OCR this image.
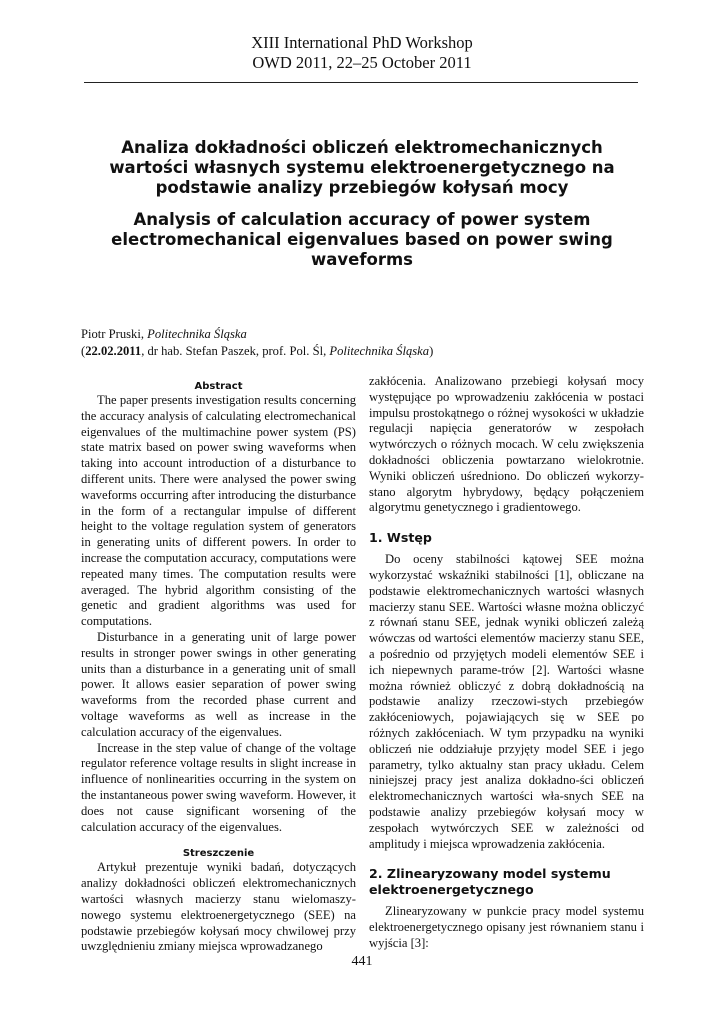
XIII International PhD Workshop
OWD 2011, 22–25 October 2011
Analiza dokładności obliczeń elektromechanicznych wartości własnych systemu elektroenergetycznego na podstawie analizy przebiegów kołysań mocy
Analysis of calculation accuracy of power system electromechanical eigenvalues based on power swing waveforms
Piotr Pruski, Politechnika Śląska
(22.02.2011, dr hab. Stefan Paszek, prof. Pol. Śl, Politechnika Śląska)
Abstract

The paper presents investigation results concerning the accuracy analysis of calculating electromechanical eigenvalues of the multimachine power system (PS) state matrix based on power swing waveforms when taking into account introduction of a disturbance to different units. There were analysed the power swing waveforms occurring after introducing the disturbance in the form of a rectangular impulse of different height to the voltage regulation system of generators in generating units of different powers. In order to increase the computation accuracy, computations were repeated many times. The computation results were averaged. The hybrid algorithm consisting of the genetic and gradient algorithms was used for computations.

Disturbance in a generating unit of large power results in stronger power swings in other generating units than a disturbance in a generating unit of small power. It allows easier separation of power swing waveforms from the recorded phase current and voltage waveforms as well as increase in the calculation accuracy of the eigenvalues.

Increase in the step value of change of the voltage regulator reference voltage results in slight increase in influence of nonlinearities occurring in the system on the instantaneous power swing waveform. However, it does not cause significant worsening of the calculation accuracy of the eigenvalues.

Streszczenie

Artykuł prezentuje wyniki badań, dotyczących analizy dokładności obliczeń elektromechanicznych wartości własnych macierzy stanu wielomaszy-nowego systemu elektroenergetycznego (SEE) na podstawie przebiegów kołysań mocy chwilowej przy uwzględnieniu zmiany miejsca wprowadzanego

zakłócenia. Analizowano przebiegi kołysań mocy występujące po wprowadzeniu zakłócenia w postaci impulsu prostokątnego o różnej wysokości w układzie regulacji napięcia generatorów w zespołach wytwórczych o różnych mocach. W celu zwiększenia dokładności obliczenia powtarzano wielokrotnie. Wyniki obliczeń uśredniono. Do obliczeń wykorzy-stano algorytm hybrydowy, będący połączeniem algorytmu genetycznego i gradientowego.

1. Wstęp

Do oceny stabilności kątowej SEE można wykorzystać wskaźniki stabilności [1], obliczane na podstawie elektromechanicznych wartości własnych macierzy stanu SEE. Wartości własne można obliczyć z równań stanu SEE, jednak wyniki obliczeń zależą wówczas od wartości elementów macierzy stanu SEE, a pośrednio od przyjętych modeli elementów SEE i ich niepewnych parame-trów [2]. Wartości własne można również obliczyć z dobrą dokładnością na podstawie analizy rzeczowi-stych przebiegów zakłóceniowych, pojawiających się w SEE po różnych zakłóceniach. W tym przypadku na wyniki obliczeń nie oddziałuje przyjęty model SEE i jego parametry, tylko aktualny stan pracy układu. Celem niniejszej pracy jest analiza dokładno-ści obliczeń elektromechanicznych wartości wła-snych SEE na podstawie analizy przebiegów kołysań mocy w zespołach wytwórczych SEE w zależności od amplitudy i miejsca wprowadzenia zakłócenia.

2. Zlinearyzowany model systemu elektroenergetycznego

Zlinearyzowany w punkcie pracy model systemu elektroenergetycznego opisany jest równaniem stanu i wyjścia [3]:

441
